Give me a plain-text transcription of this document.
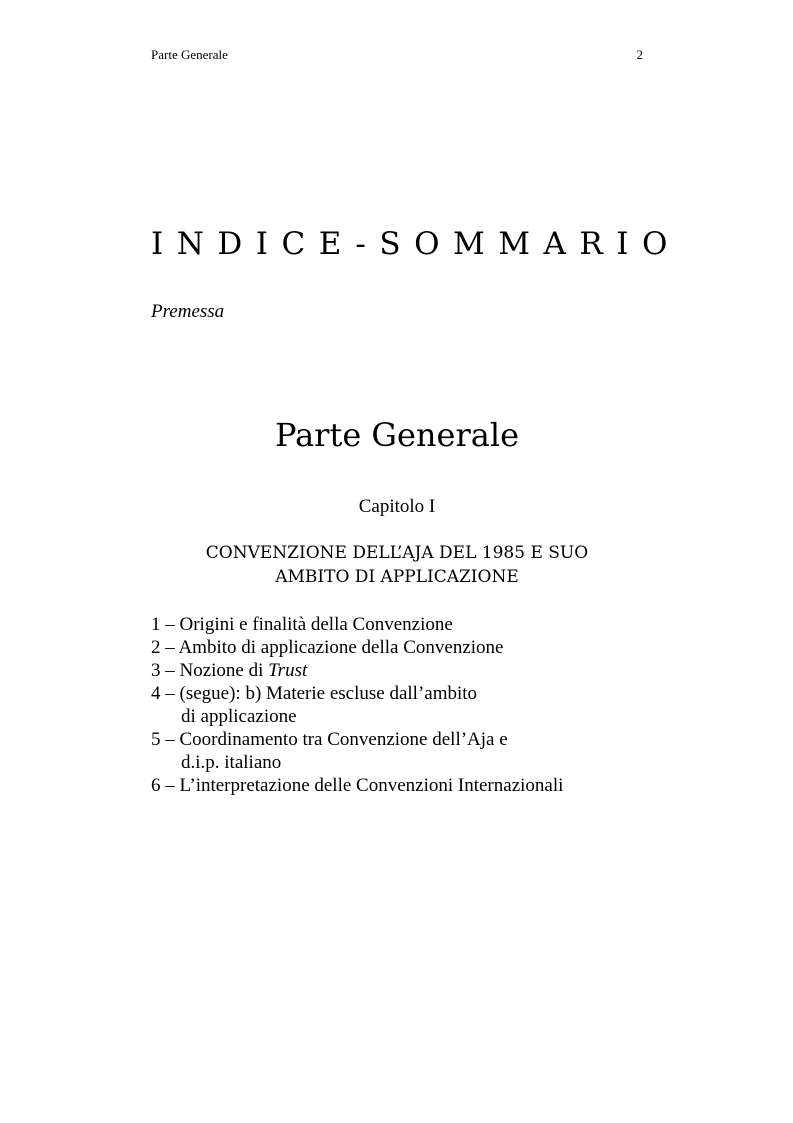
Parte Generale	2
INDICE-SOMMARIO
Premessa
Parte Generale
Capitolo I
CONVENZIONE DELL’AJA DEL 1985 E SUO
AMBITO DI APPLICAZIONE
1 – Origini e finalità della Convenzione
2 – Ambito di applicazione della Convenzione
3 – Nozione di Trust
4 – (segue): b) Materie escluse dall’ambito
di applicazione
5 – Coordinamento tra Convenzione dell’Aja e
d.i.p. italiano
6 – L’interpretazione delle Convenzioni Internazionali
